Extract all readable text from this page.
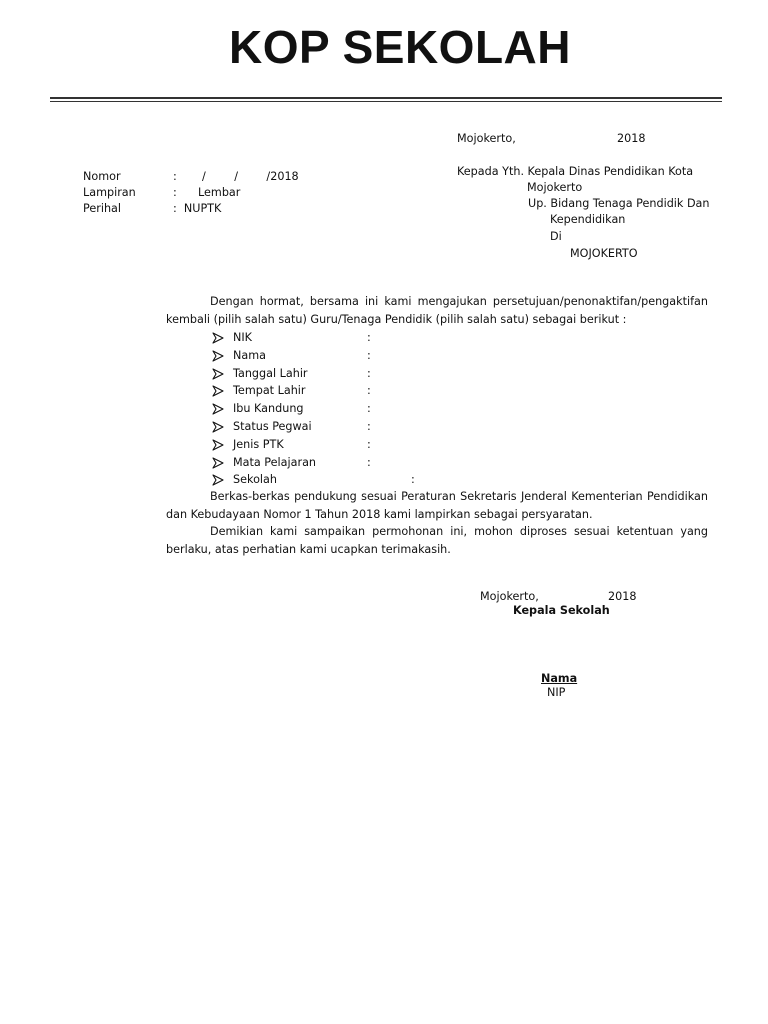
KOP SEKOLAH
Mojokerto,	2018
Nomor	: /        /        /2018
Lampiran	: Lembar
Perihal	:  NUPTK
Kepada Yth. Kepala Dinas Pendidikan Kota
Mojokerto
Up. Bidang Tenaga Pendidik Dan
Kependidikan
Di
MOJOKERTO
Dengan hormat, bersama ini kami mengajukan persetujuan/penonaktifan/pengaktifan kembali (pilih salah satu) Guru/Tenaga Pendidik (pilih salah satu) sebagai berikut :
NIK	:
Nama	:
Tanggal Lahir	:
Tempat Lahir	:
Ibu Kandung	:
Status Pegwai	:
Jenis PTK	:
Mata Pelajaran	:
Sekolah	:
Berkas-berkas pendukung sesuai Peraturan Sekretaris Jenderal Kementerian Pendidikan dan Kebudayaan Nomor 1 Tahun 2018 kami lampirkan sebagai persyaratan.
Demikian kami sampaikan permohonan ini, mohon diproses sesuai ketentuan yang berlaku, atas perhatian kami ucapkan terimakasih.
Mojokerto,	2018
Kepala Sekolah
Nama
NIP
